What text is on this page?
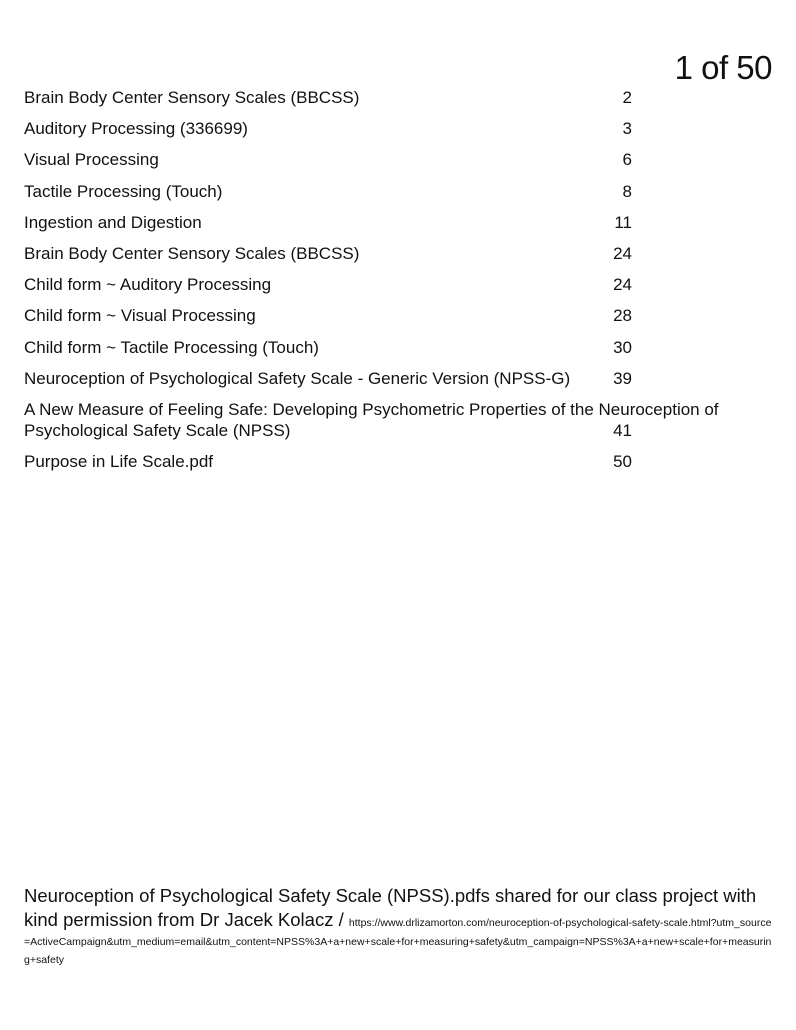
1 of 50
Brain Body Center Sensory Scales (BBCSS)	2
Auditory Processing (336699)	3
Visual Processing	6
Tactile Processing (Touch)	8
Ingestion and Digestion	11
Brain Body Center Sensory Scales (BBCSS)	24
Child form ~ Auditory Processing	24
Child form ~ Visual Processing	28
Child form ~ Tactile Processing (Touch)	30
Neuroception of Psychological Safety Scale - Generic Version (NPSS-G)	39
A New Measure of Feeling Safe: Developing Psychometric Properties of the Neuroception of Psychological Safety Scale (NPSS)	41
Purpose in Life Scale.pdf	50
Neuroception of Psychological Safety Scale (NPSS).pdfs shared for our class project with kind permission from Dr Jacek Kolacz / https://www.drlizamorton.com/neuroception-of-psychological-safety-scale.html?utm_source=ActiveCampaign&utm_medium=email&utm_content=NPSS%3A+a+new+scale+for+measuring+safety&utm_campaign=NPSS%3A+a+new+scale+for+measuring+safety
